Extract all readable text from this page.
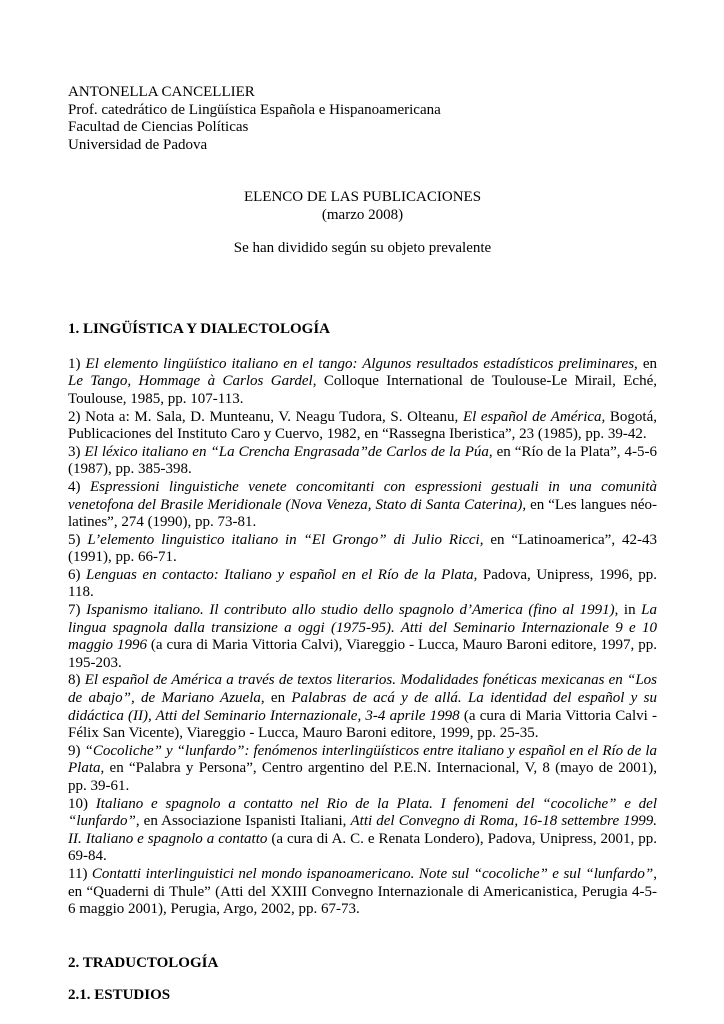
ANTONELLA CANCELLIER
Prof. catedrático de Lingüística Española e Hispanoamericana
Facultad de Ciencias Políticas
Universidad de Padova
ELENCO DE LAS PUBLICACIONES
(marzo 2008)
Se han dividido según su objeto prevalente
1. LINGÜÍSTICA Y DIALECTOLOGÍA
1) El elemento lingüístico italiano en el tango: Algunos resultados estadísticos preliminares, en Le Tango, Hommage à Carlos Gardel, Colloque International de Toulouse-Le Mirail, Eché, Toulouse, 1985, pp. 107-113.
2) Nota a: M. Sala, D. Munteanu, V. Neagu Tudora, S. Olteanu, El español de América, Bogotá, Publicaciones del Instituto Caro y Cuervo, 1982, en “Rassegna Iberistica”, 23 (1985), pp. 39-42.
3) El léxico italiano en “La Crencha Engrasada”de Carlos de la Púa, en “Río de la Plata”, 4-5-6 (1987), pp. 385-398.
4) Espressioni linguistiche venete concomitanti con espressioni gestuali in una comunità venetofona del Brasile Meridionale (Nova Veneza, Stato di Santa Caterina), en “Les langues néo-latines”, 274 (1990), pp. 73-81.
5) L’elemento linguistico italiano in “El Grongo” di Julio Ricci, en “Latinoamerica”, 42-43 (1991), pp. 66-71.
6) Lenguas en contacto: Italiano y español en el Río de la Plata, Padova, Unipress, 1996, pp. 118.
7) Ispanismo italiano. Il contributo allo studio dello spagnolo d’America (fino al 1991), in La lingua spagnola dalla transizione a oggi (1975-95). Atti del Seminario Internazionale 9 e 10 maggio 1996 (a cura di Maria Vittoria Calvi), Viareggio - Lucca, Mauro Baroni editore, 1997, pp. 195-203.
8) El español de América a través de textos literarios. Modalidades fonéticas mexicanas en “Los de abajo”, de Mariano Azuela, en Palabras de acá y de allá. La identidad del español y su didáctica (II), Atti del Seminario Internazionale, 3-4 aprile 1998 (a cura di Maria Vittoria Calvi - Félix San Vicente), Viareggio - Lucca, Mauro Baroni editore, 1999, pp. 25-35.
9) “Cocoliche” y “lunfardo”: fenómenos interlingüísticos entre italiano y español en el Río de la Plata, en “Palabra y Persona”, Centro argentino del P.E.N. Internacional, V, 8 (mayo de 2001), pp. 39-61.
10) Italiano e spagnolo a contatto nel Rio de la Plata. I fenomeni del “cocoliche” e del “lunfardo”, en Associazione Ispanisti Italiani, Atti del Convegno di Roma, 16-18 settembre 1999. II. Italiano e spagnolo a contatto (a cura di A. C. e Renata Londero), Padova, Unipress, 2001, pp. 69-84.
11) Contatti interlinguistici nel mondo ispanoamericano. Note sul “cocoliche” e sul “lunfardo”, en “Quaderni di Thule” (Atti del XXIII Convegno Internazionale di Americanistica, Perugia 4-5-6 maggio 2001), Perugia, Argo, 2002, pp. 67-73.
2. TRADUCTOLOGÍA
2.1. ESTUDIOS
